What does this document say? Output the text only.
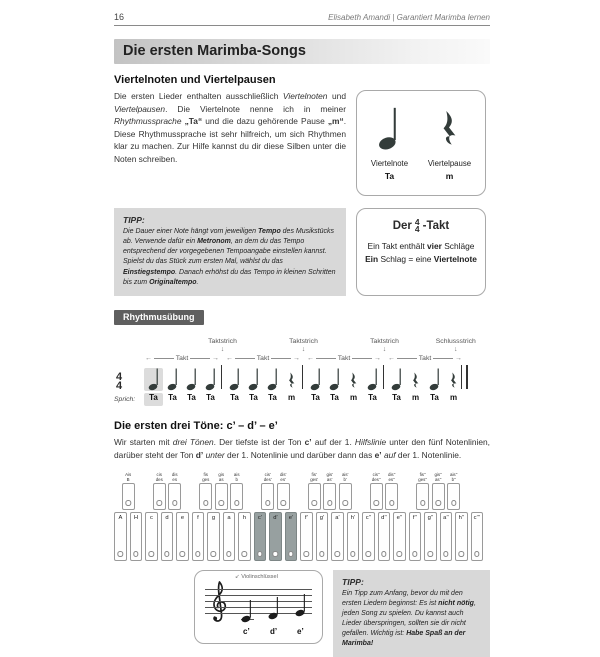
16	Elisabeth Amandi | Garantiert Marimba lernen
Die ersten Marimba-Songs
Viertelnoten und Viertelpausen

Die ersten Lieder enthalten ausschließlich Viertelnoten und Viertelpausen. Die Viertelnote nenne ich in meiner Rhythmussprache „Ta“ und die dazu gehörende Pause „m“. Diese Rhythmussprache ist sehr hilfreich, um sich Rhythmen klar zu machen. Zur Hilfe kannst du dir diese Silben unter die Noten schreiben.	Viertelnote
Ta
Viertelpause
m
TIPP:
Die Dauer einer Note hängt vom jeweiligen Tempo des Musikstücks ab. Verwende dafür ein Metronom, an dem du das Tempo entsprechend der vorgegebenen Tempoangabe einstellen kannst. Spielst du das Stück zum ersten Mal, wählst du das Einstiegstempo. Danach erhöhst du das Tempo in kleinen Schritten bis zum Originaltempo.
Der 4
4 -Takt
Ein Takt enthält vier Schläge
Ein Schlag = eine Viertelnote
Rhythmusübung
4
4
Sprich:
←	Takt	→
Ta	Ta	Ta	Ta
Taktstrich
↓
←	Takt	→
Ta	Ta	Ta	m
Taktstrich
↓
←	Takt	→
Ta	Ta	m	Ta
Taktstrich
↓
←	Takt	→
Ta	m	Ta	m
Schlussstrich
↓
Die ersten drei Töne: c’ – d’ – e’

Wir starten mit drei Tönen. Der tiefste ist der Ton c’ auf der 1. Hilfslinie unter den fünf Notenlinien, darüber steht der Ton d’ unter der 1. Notenlinie und darüber dann das e’ auf der 1. Notenlinie.

Ais
B
cis
des
dis
es
fis
ges
gis
as
ais
b
cis’
des’
dis’
es’
fis’
ges’
gis’
as’
ais’
b’
cis’’
des’’
dis’’
es’’
fis’’
ges’’
gis’’
as’’
ais’’
b’’
A	H	c	d	e	f	g	a	h	c’	d’	e’	f’	g’	a’	h’	c’’	d’’	e’’	f’’	g’’	a’’	h’’	c’’’
↙ Violinschlüssel
c’	d’ e’
TIPP:
Ein Tipp zum Anfang, bevor du mit den ersten Liedern beginnst: Es ist nicht nötig, jeden Song zu spielen. Du kannst auch Lieder überspringen, sollten sie dir nicht gefallen. Wichtig ist: Habe Spaß an der Marimba!
